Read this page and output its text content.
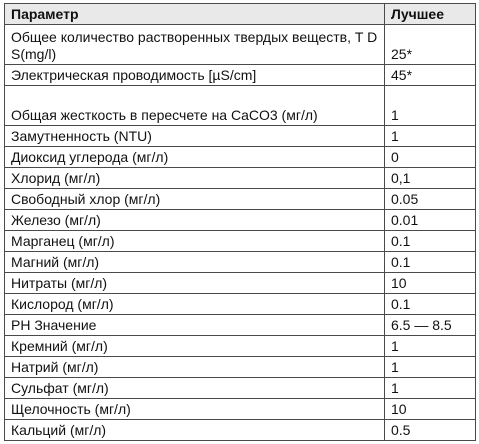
Параметр	Лучшее
Общее количество растворенных твердых веществ, T D S(mg/l)	25*
Электрическая проводимость [µS/cm]	45*
Общая жесткость в пересчете на CaCO3 (мг/л)	1
Замутненность (NTU)	1
Диоксид углерода (мг/л)	0
Хлорид (мг/л)	0,1
Свободный хлор (мг/л)	0.05
Железо (мг/л)	0.01
Марганец (мг/л)	0.1
Магний (мг/л)	0.1
Нитраты (мг/л)	10
Кислород (мг/л)	0.1
PH Значение	6.5 — 8.5
Кремний (мг/л)	1
Натрий (мг/л)	1
Сульфат (мг/л)	1
Щелочность (мг/л)	10
Кальций (мг/л)	0.5
